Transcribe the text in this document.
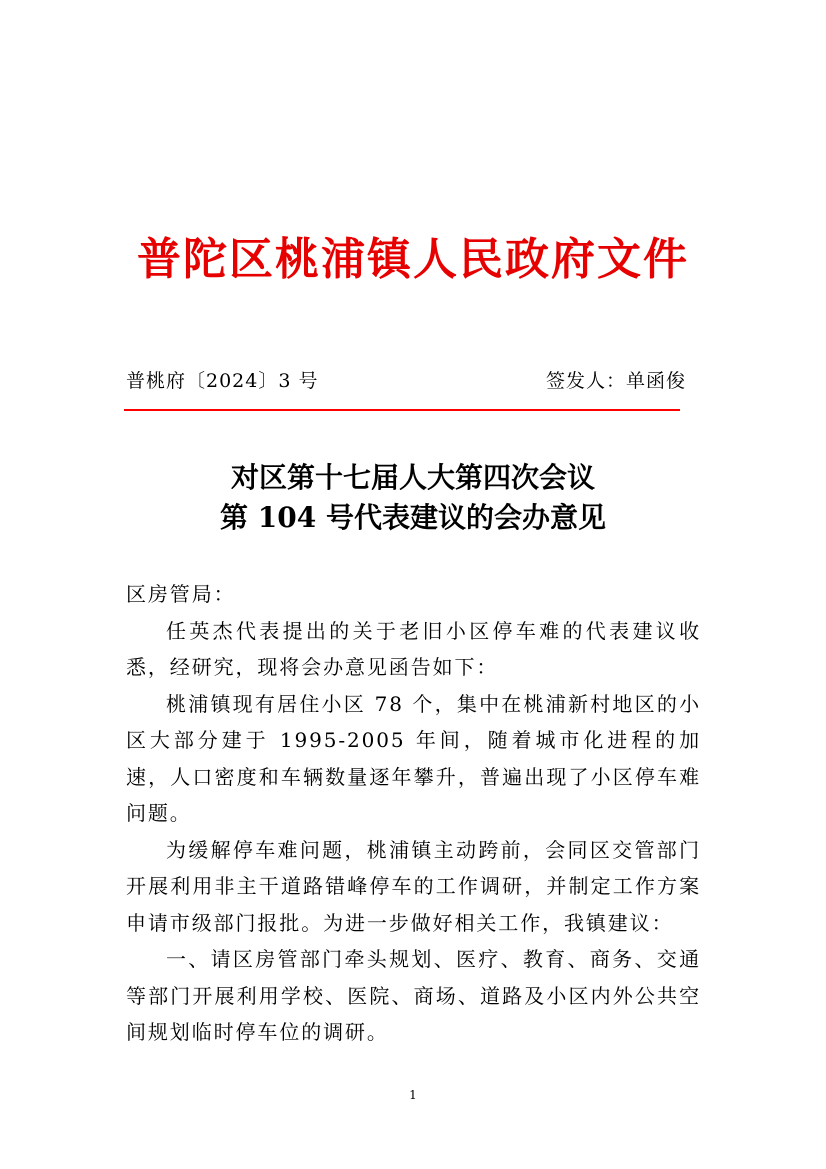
普陀区桃浦镇人民政府文件
普桃府〔2024〕3 号	签发人：单函俊
对区第十七届人大第四次会议
第 104 号代表建议的会办意见

区房管局：

任英杰代表提出的关于老旧小区停车难的代表建议收悉，经研究，现将会办意见函告如下：

桃浦镇现有居住小区 78 个，集中在桃浦新村地区的小区大部分建于 1995-2005 年间，随着城市化进程的加速，人口密度和车辆数量逐年攀升，普遍出现了小区停车难问题。

为缓解停车难问题，桃浦镇主动跨前，会同区交管部门开展利用非主干道路错峰停车的工作调研，并制定工作方案申请市级部门报批。为进一步做好相关工作，我镇建议：

一、请区房管部门牵头规划、医疗、教育、商务、交通等部门开展利用学校、医院、商场、道路及小区内外公共空间规划临时停车位的调研。

1
